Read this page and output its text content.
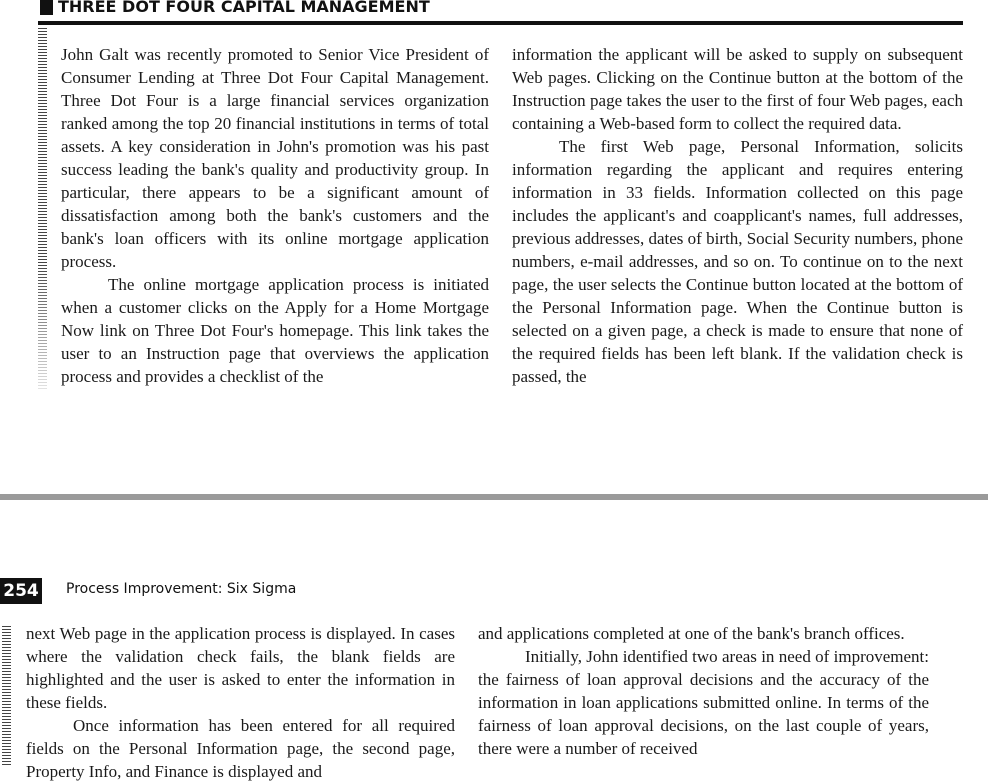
THREE DOT FOUR CAPITAL MANAGEMENT

John Galt was recently promoted to Senior Vice President of Consumer Lending at Three Dot Four Capital Management. Three Dot Four is a large financial services organization ranked among the top 20 financial institutions in terms of total assets. A key consideration in John's promotion was his past success leading the bank's quality and productivity group. In particular, there appears to be a significant amount of dissatisfaction among both the bank's customers and the bank's loan officers with its online mortgage application process.

The online mortgage application process is initiated when a customer clicks on the Apply for a Home Mortgage Now link on Three Dot Four's homepage. This link takes the user to an Instruction page that overviews the application process and provides a checklist of the

information the applicant will be asked to supply on subsequent Web pages. Clicking on the Continue button at the bottom of the Instruction page takes the user to the first of four Web pages, each containing a Web-based form to collect the required data.

The first Web page, Personal Information, solicits information regarding the applicant and requires entering information in 33 fields. Information collected on this page includes the applicant's and coapplicant's names, full addresses, previous addresses, dates of birth, Social Security numbers, phone numbers, e-mail addresses, and so on. To continue on to the next page, the user selects the Continue button located at the bottom of the Personal Information page. When the Continue button is selected on a given page, a check is made to ensure that none of the required fields has been left blank. If the validation check is passed, the

254 Process Improvement: Six Sigma

next Web page in the application process is displayed. In cases where the validation check fails, the blank fields are highlighted and the user is asked to enter the information in these fields.

Once information has been entered for all required fields on the Personal Information page, the second page, Property Info, and Finance is displayed and

and applications completed at one of the bank's branch offices.

Initially, John identified two areas in need of improvement: the fairness of loan approval decisions and the accuracy of the information in loan applications submitted online. In terms of the fairness of loan approval decisions, on the last couple of years, there were a number of received
